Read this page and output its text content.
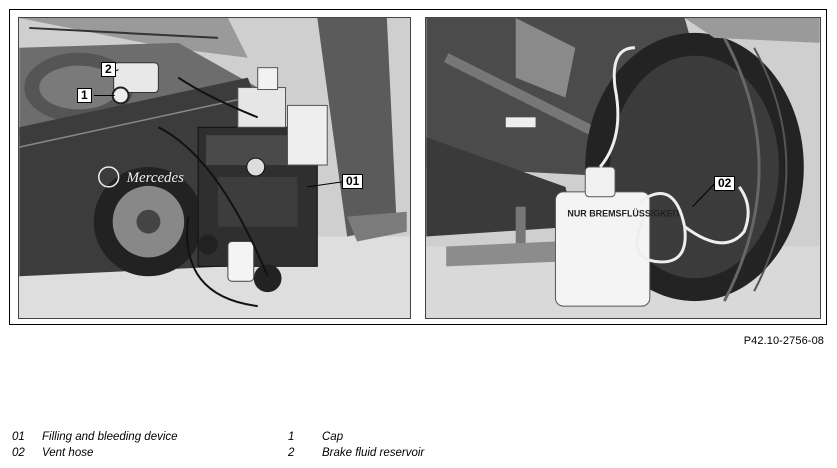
Mercedes
2
1
01
NUR BREMSFLÜSSIGKEIT
02
P42.10-2756-08
01 Filling and bleeding device	1 Cap
02 Vent hose	2 Brake fluid reservoir
